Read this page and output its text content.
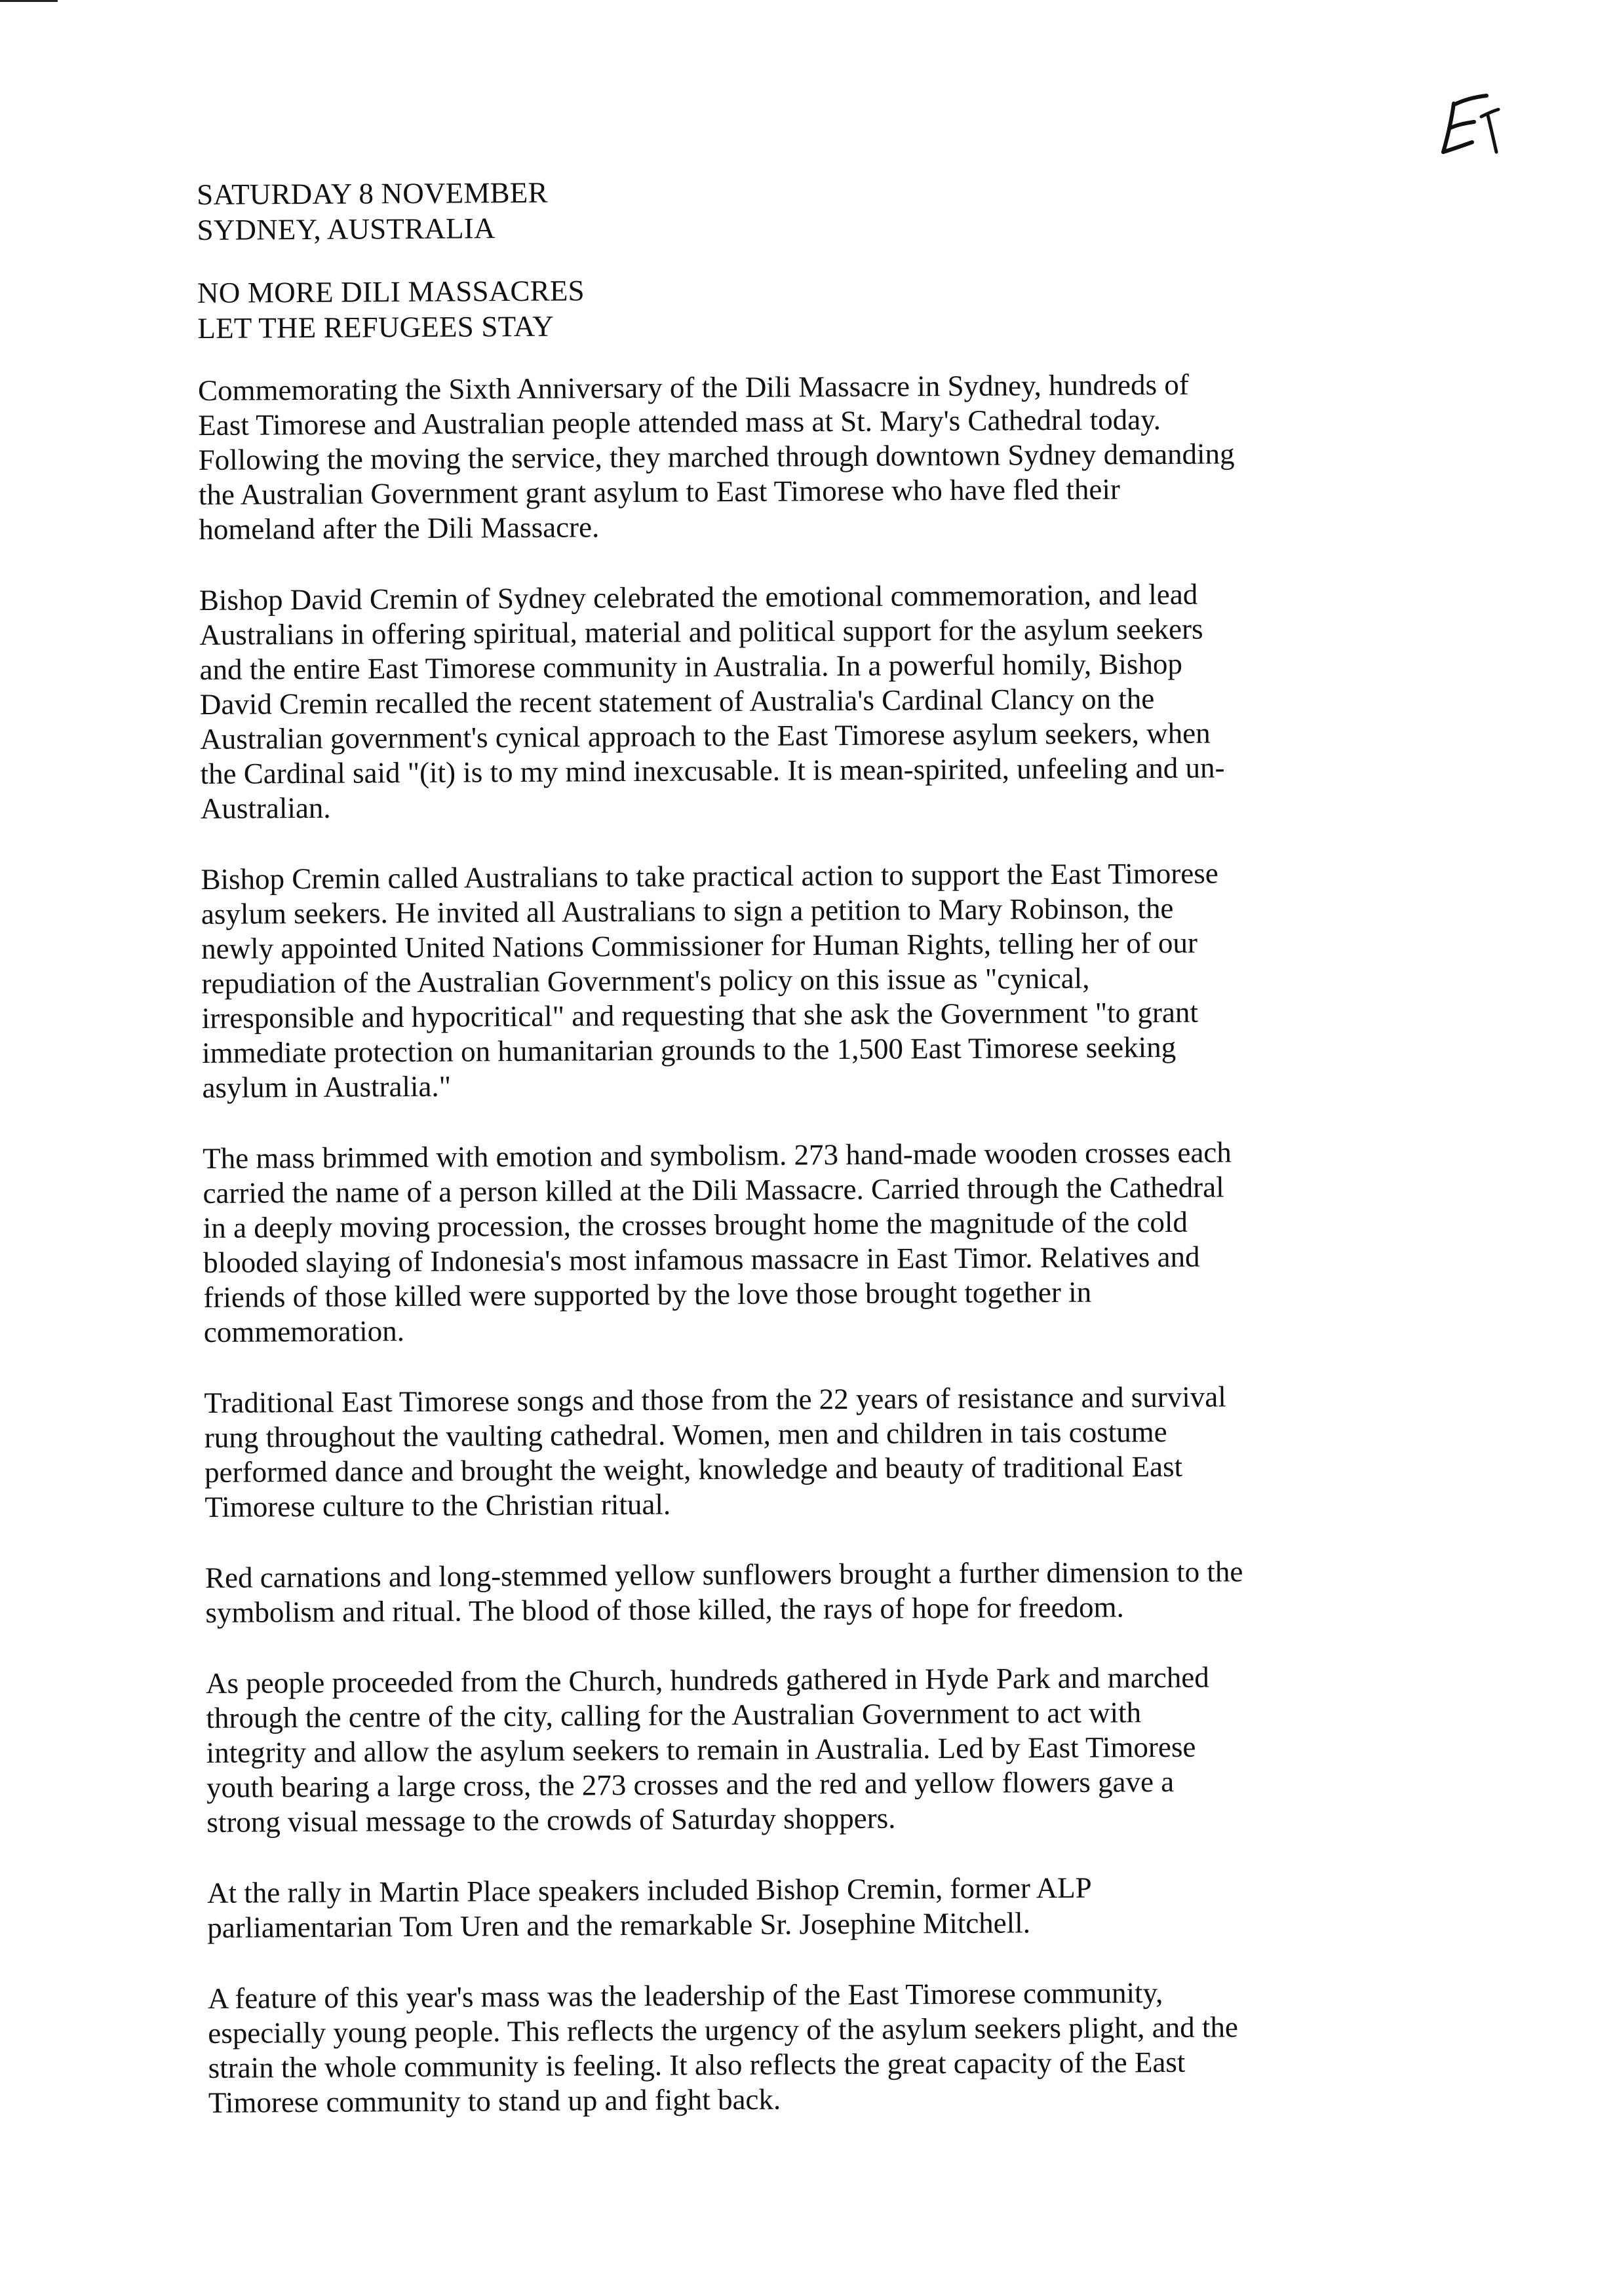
SATURDAY 8 NOVEMBER

SYDNEY, AUSTRALIA

NO MORE DILI MASSACRES

LET THE REFUGEES STAY

Commemorating the Sixth Anniversary of the Dili Massacre in Sydney, hundreds of
East Timorese and Australian people attended mass at St. Mary's Cathedral today.
Following the moving the service, they marched through downtown Sydney demanding
the Australian Government grant asylum to East Timorese who have fled their
homeland after the Dili Massacre.

Bishop David Cremin of Sydney celebrated the emotional commemoration, and lead
Australians in offering spiritual, material and political support for the asylum seekers
and the entire East Timorese community in Australia. In a powerful homily, Bishop
David Cremin recalled the recent statement of Australia's Cardinal Clancy on the
Australian government's cynical approach to the East Timorese asylum seekers, when
the Cardinal said "(it) is to my mind inexcusable. It is mean-spirited, unfeeling and un-
Australian.

Bishop Cremin called Australians to take practical action to support the East Timorese
asylum seekers. He invited all Australians to sign a petition to Mary Robinson, the
newly appointed United Nations Commissioner for Human Rights, telling her of our
repudiation of the Australian Government's policy on this issue as "cynical,
irresponsible and hypocritical" and requesting that she ask the Government "to grant
immediate protection on humanitarian grounds to the 1,500 East Timorese seeking
asylum in Australia."

The mass brimmed with emotion and symbolism. 273 hand-made wooden crosses each
carried the name of a person killed at the Dili Massacre. Carried through the Cathedral
in a deeply moving procession, the crosses brought home the magnitude of the cold
blooded slaying of Indonesia's most infamous massacre in East Timor. Relatives and
friends of those killed were supported by the love those brought together in
commemoration.

Traditional East Timorese songs and those from the 22 years of resistance and survival
rung throughout the vaulting cathedral. Women, men and children in tais costume
performed dance and brought the weight, knowledge and beauty of traditional East
Timorese culture to the Christian ritual.

Red carnations and long-stemmed yellow sunflowers brought a further dimension to the
symbolism and ritual. The blood of those killed, the rays of hope for freedom.

As people proceeded from the Church, hundreds gathered in Hyde Park and marched
through the centre of the city, calling for the Australian Government to act with
integrity and allow the asylum seekers to remain in Australia. Led by East Timorese
youth bearing a large cross, the 273 crosses and the red and yellow flowers gave a
strong visual message to the crowds of Saturday shoppers.

At the rally in Martin Place speakers included Bishop Cremin, former ALP
parliamentarian Tom Uren and the remarkable Sr. Josephine Mitchell.

A feature of this year's mass was the leadership of the East Timorese community,
especially young people. This reflects the urgency of the asylum seekers plight, and the
strain the whole community is feeling. It also reflects the great capacity of the East
Timorese community to stand up and fight back.
